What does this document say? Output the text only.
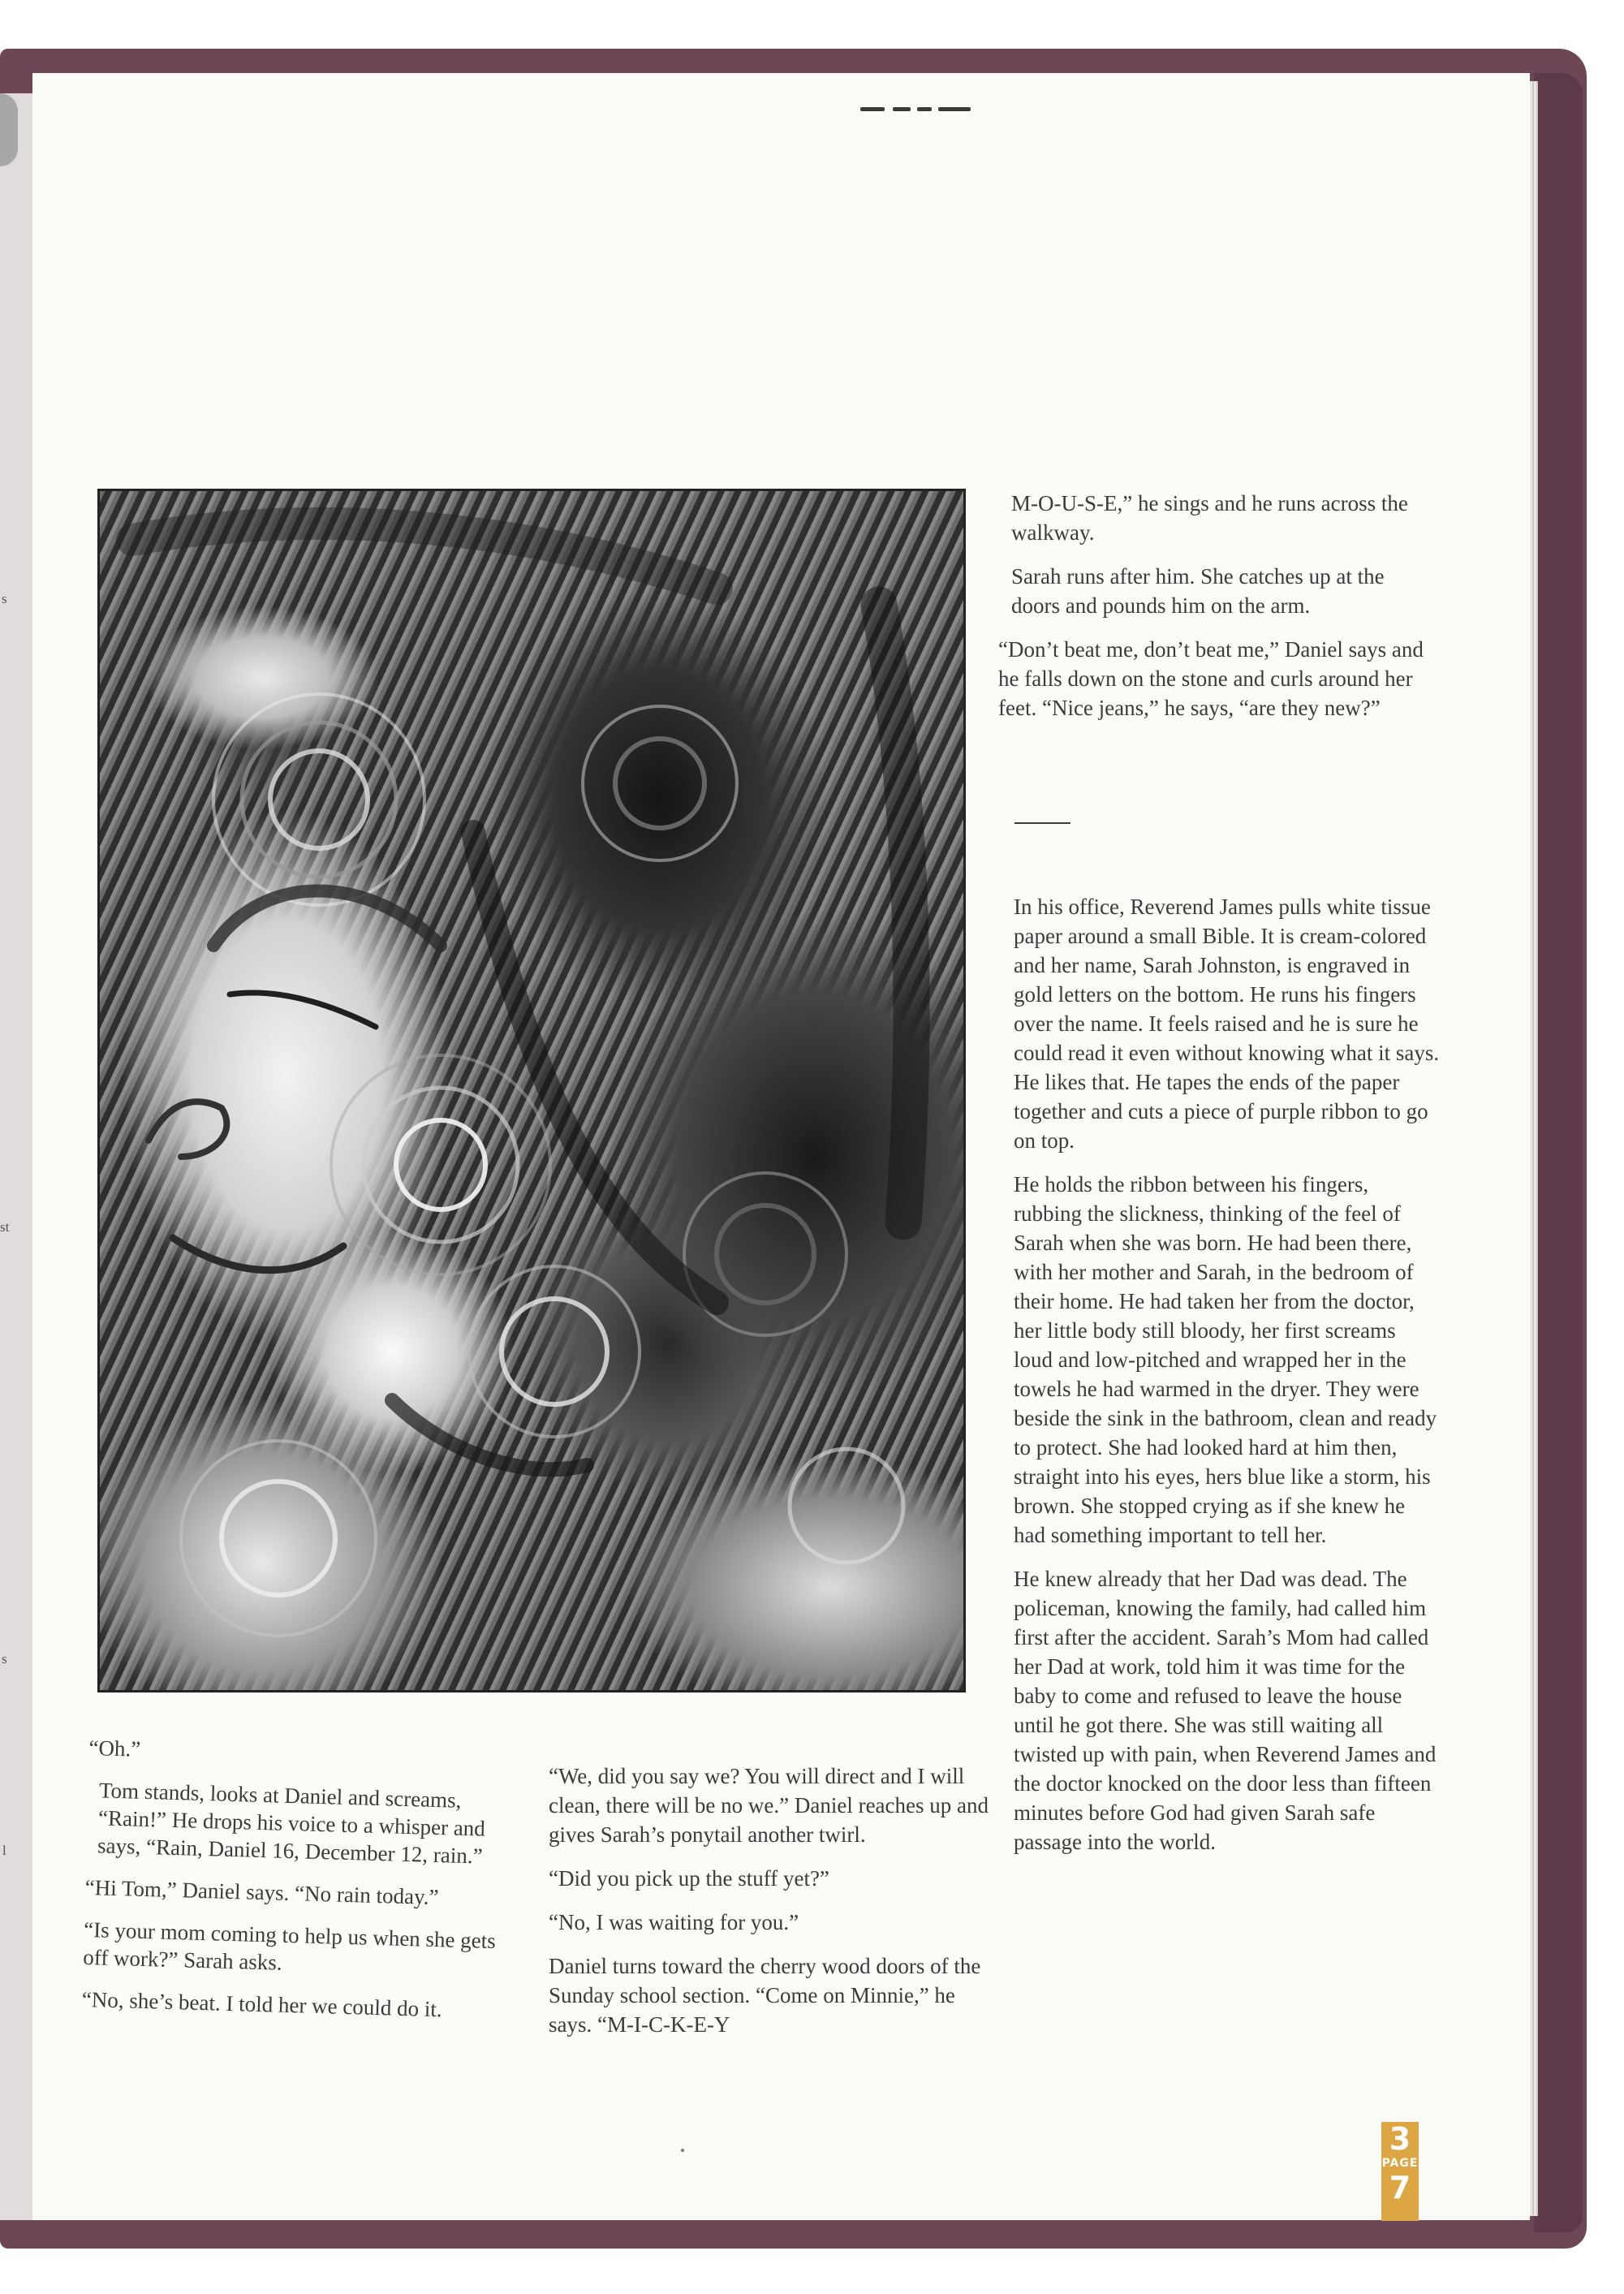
s
st
s
l

M-O-U-S-E,” he sings and he runs across the walkway.

Sarah runs after him. She catches up at the doors and pounds him on the arm.

“Don’t beat me, don’t beat me,” Daniel says and he falls down on the stone and curls around her feet. “Nice jeans,” he says, “are they new?”

In his office, Reverend James pulls white tissue paper around a small Bible. It is cream-colored and her name, Sarah Johnston, is engraved in gold letters on the bottom. He runs his fingers over the name. It feels raised and he is sure he could read it even without knowing what it says. He likes that. He tapes the ends of the paper together and cuts a piece of purple ribbon to go on top.

He holds the ribbon between his fingers, rubbing the slickness, thinking of the feel of Sarah when she was born. He had been there, with her mother and Sarah, in the bedroom of their home. He had taken her from the doctor, her little body still bloody, her first screams loud and low-pitched and wrapped her in the towels he had warmed in the dryer. They were beside the sink in the bathroom, clean and ready to protect. She had looked hard at him then, straight into his eyes, hers blue like a storm, his brown. She stopped crying as if she knew he had something important to tell her.

He knew already that her Dad was dead. The policeman, knowing the family, had called him first after the accident. Sarah’s Mom had called her Dad at work, told him it was time for the baby to come and refused to leave the house until he got there. She was still waiting all twisted up with pain, when Reverend James and the doctor knocked on the door less than fifteen minutes before God had given Sarah safe passage into the world.

“Oh.”

Tom stands, looks at Daniel and screams, “Rain!” He drops his voice to a whisper and says, “Rain, Daniel 16, December 12, rain.”

“Hi Tom,” Daniel says. “No rain today.”

“Is your mom coming to help us when she gets off work?” Sarah asks.

“No, she’s beat. I told her we could do it.

“We, did you say we? You will direct and I will clean, there will be no we.” Daniel reaches up and gives Sarah’s ponytail another twirl.

“Did you pick up the stuff yet?”

“No, I was waiting for you.”

Daniel turns toward the cherry wood doors of the Sunday school section. “Come on Minnie,” he says. “M-I-C-K-E-Y

3
PAGE
7
